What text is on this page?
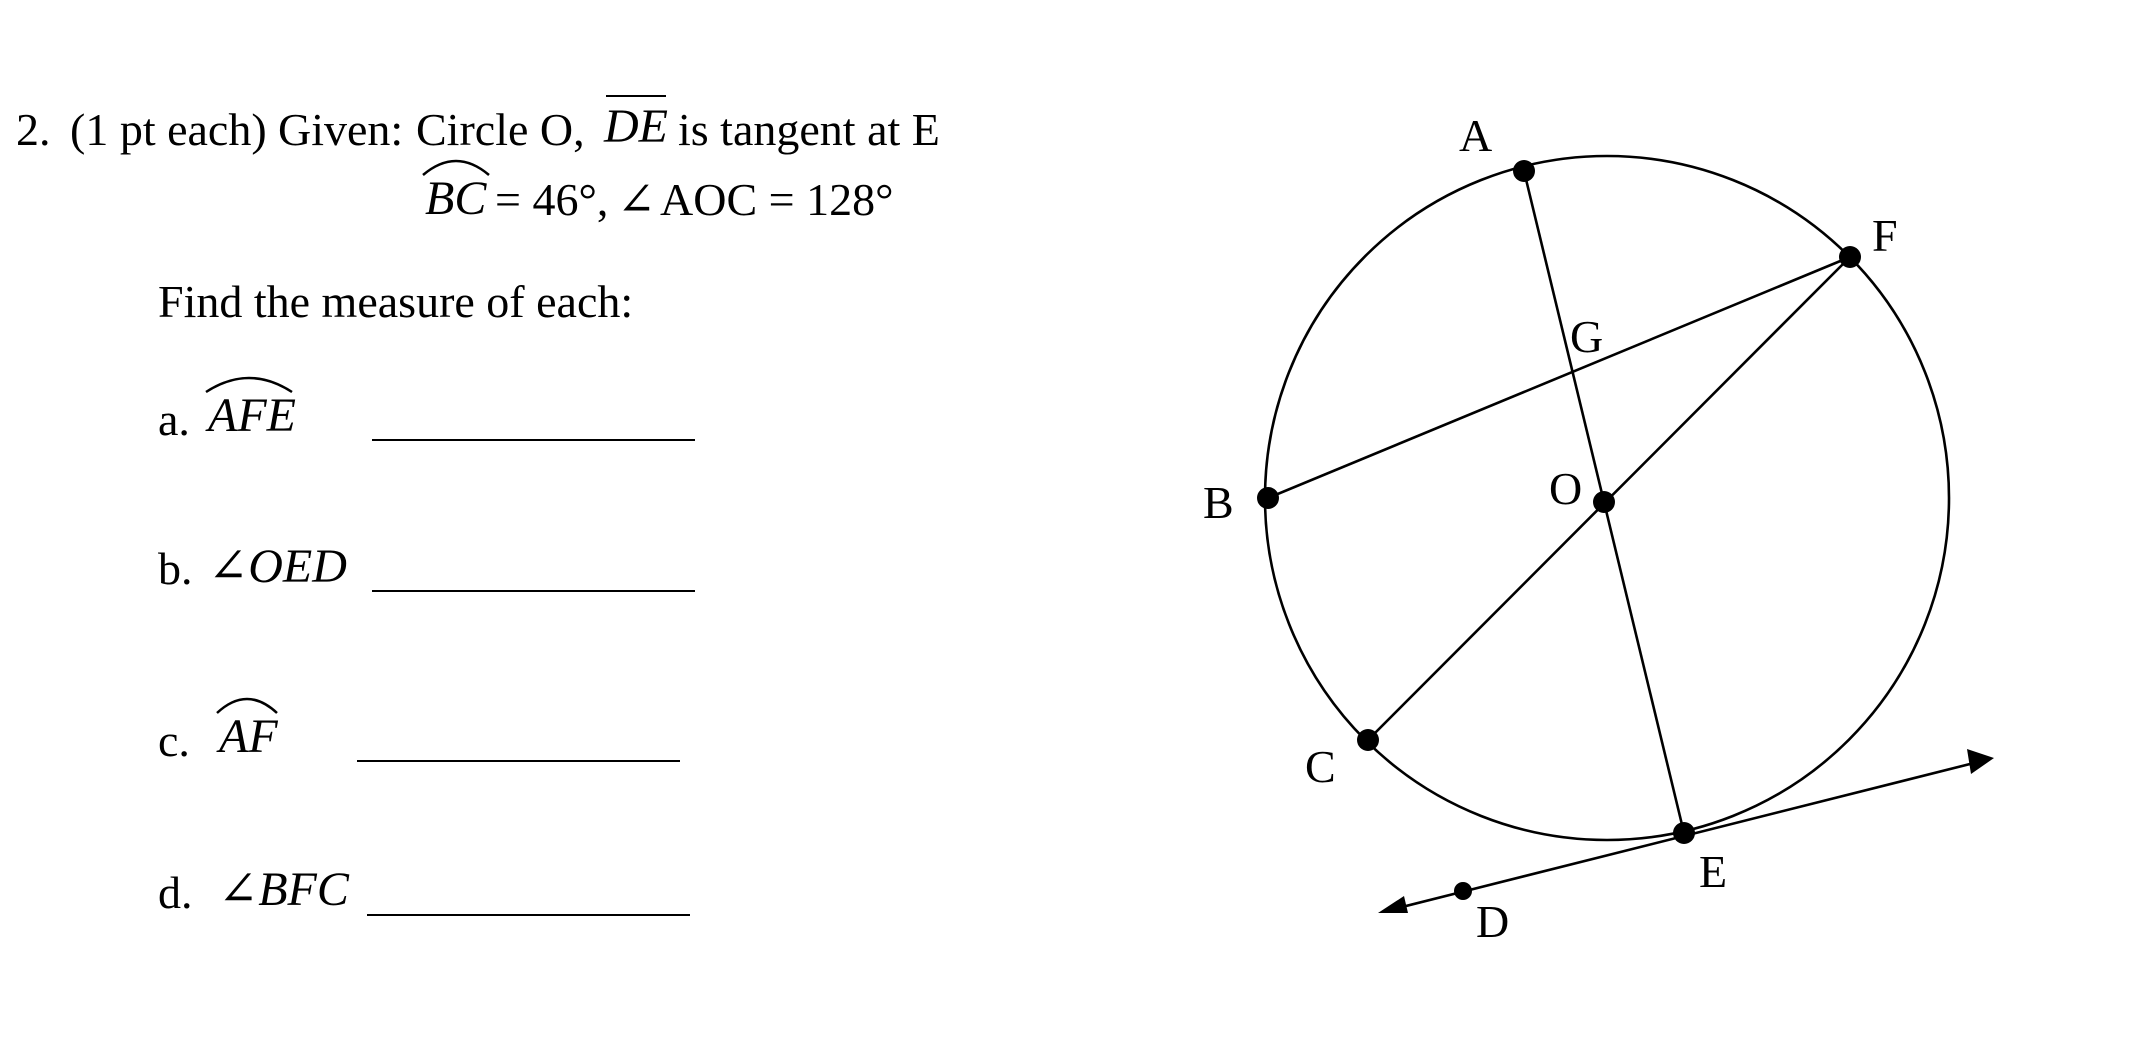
2. (1 pt each) Given: Circle O, DE is tangent at E
BC = 46°, ∠ AOC = 128°
Find the measure of each:
a. AFE
b. ∠OED
c. AF
d. ∠BFC
A
F
G
B	O
C
E
D
